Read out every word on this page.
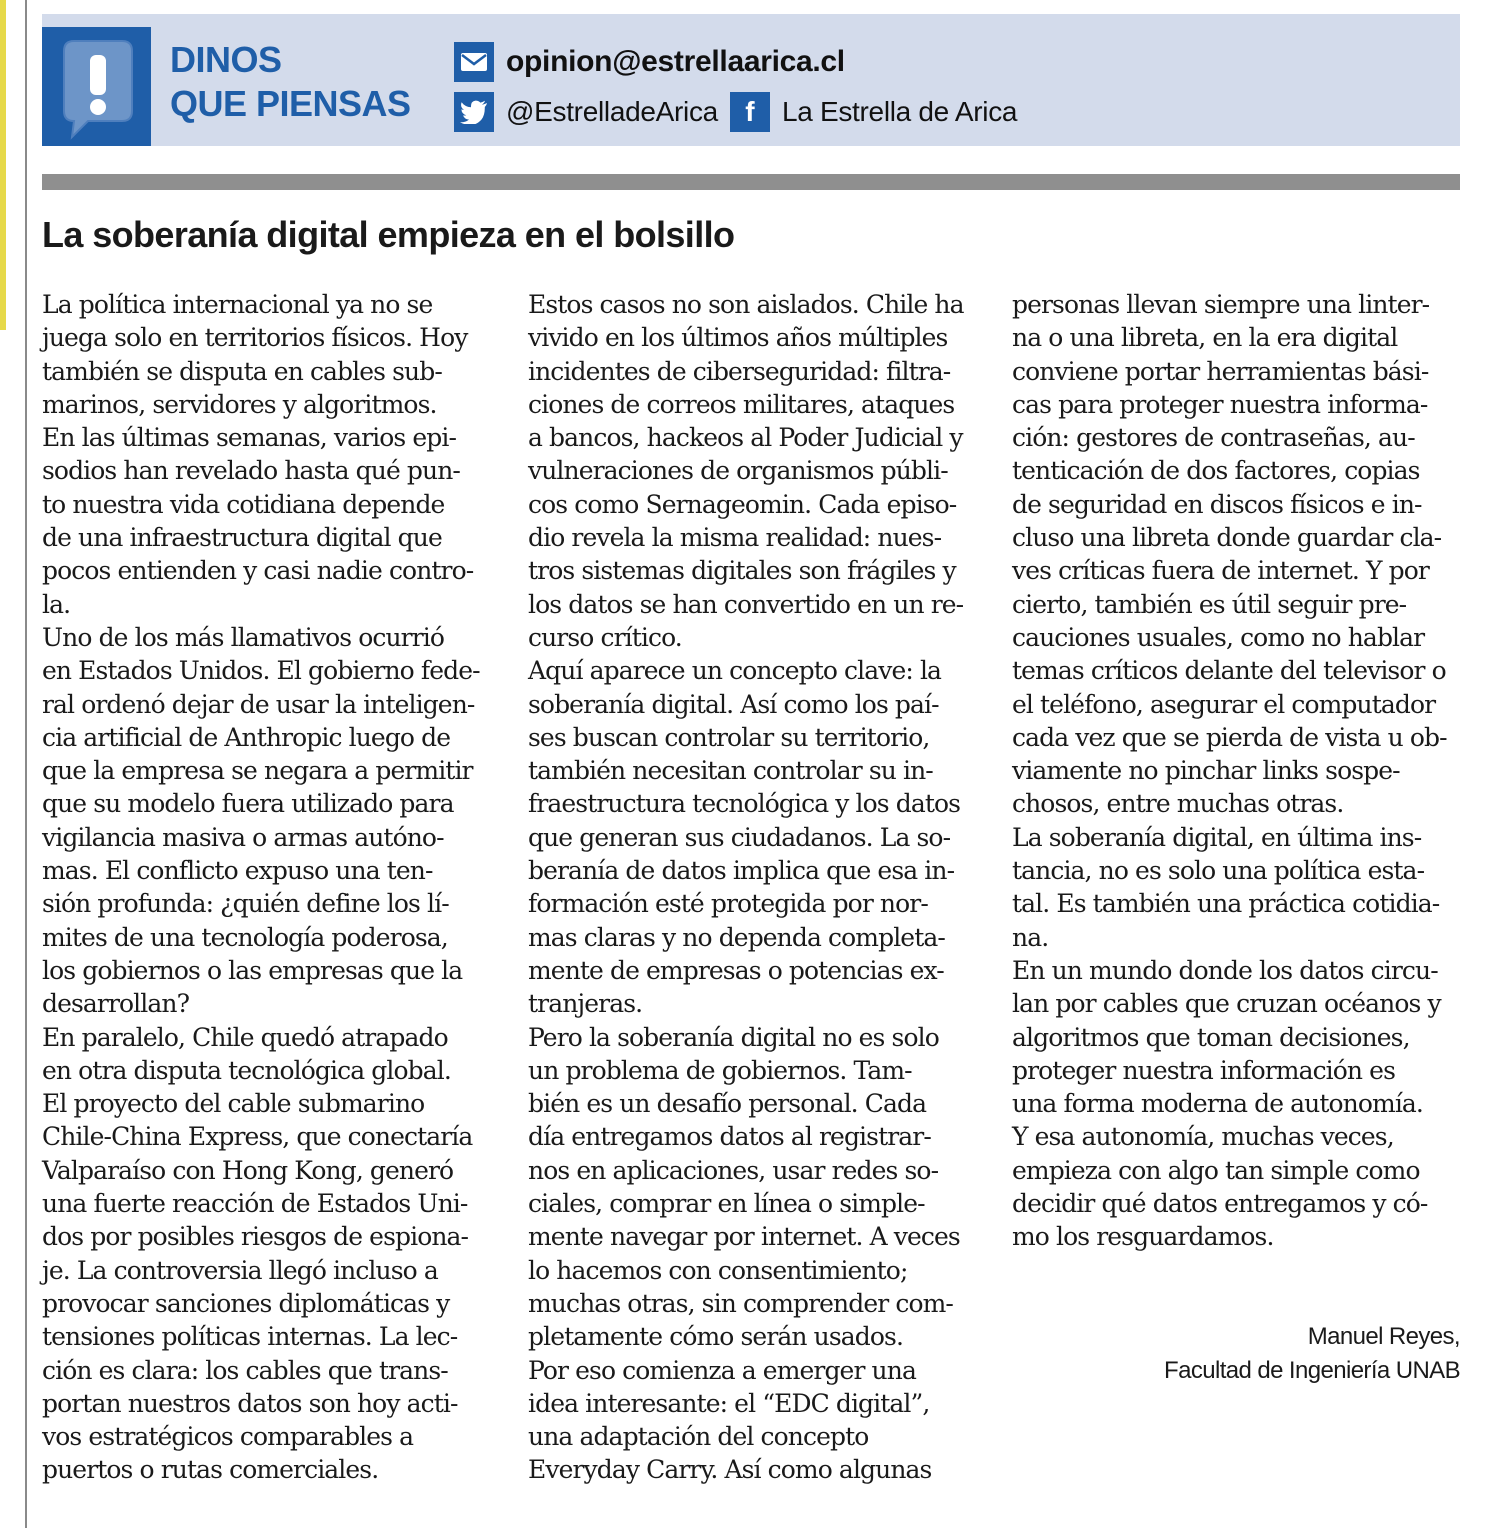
DINOS
QUE PIENSAS
opinion@estrellaarica.cl
@EstrelladeArica f La Estrella de Arica
La soberanía digital empieza en el bolsillo
La política internacional ya no se
juega solo en territorios físicos. Hoy
también se disputa en cables sub-
marinos, servidores y algoritmos.
En las últimas semanas, varios epi-
sodios han revelado hasta qué pun-
to nuestra vida cotidiana depende
de una infraestructura digital que
pocos entienden y casi nadie contro-
la.
Uno de los más llamativos ocurrió
en Estados Unidos. El gobierno fede-
ral ordenó dejar de usar la inteligen-
cia artificial de Anthropic luego de
que la empresa se negara a permitir
que su modelo fuera utilizado para
vigilancia masiva o armas autóno-
mas. El conflicto expuso una ten-
sión profunda: ¿quién define los lí-
mites de una tecnología poderosa,
los gobiernos o las empresas que la
desarrollan?
En paralelo, Chile quedó atrapado
en otra disputa tecnológica global.
El proyecto del cable submarino
Chile-China Express, que conectaría
Valparaíso con Hong Kong, generó
una fuerte reacción de Estados Uni-
dos por posibles riesgos de espiona-
je. La controversia llegó incluso a
provocar sanciones diplomáticas y
tensiones políticas internas. La lec-
ción es clara: los cables que trans-
portan nuestros datos son hoy acti-
vos estratégicos comparables a
puertos o rutas comerciales.
Estos casos no son aislados. Chile ha
vivido en los últimos años múltiples
incidentes de ciberseguridad: filtra-
ciones de correos militares, ataques
a bancos, hackeos al Poder Judicial y
vulneraciones de organismos públi-
cos como Sernageomin. Cada episo-
dio revela la misma realidad: nues-
tros sistemas digitales son frágiles y
los datos se han convertido en un re-
curso crítico.
Aquí aparece un concepto clave: la
soberanía digital. Así como los paí-
ses buscan controlar su territorio,
también necesitan controlar su in-
fraestructura tecnológica y los datos
que generan sus ciudadanos. La so-
beranía de datos implica que esa in-
formación esté protegida por nor-
mas claras y no dependa completa-
mente de empresas o potencias ex-
tranjeras.
Pero la soberanía digital no es solo
un problema de gobiernos. Tam-
bién es un desafío personal. Cada
día entregamos datos al registrar-
nos en aplicaciones, usar redes so-
ciales, comprar en línea o simple-
mente navegar por internet. A veces
lo hacemos con consentimiento;
muchas otras, sin comprender com-
pletamente cómo serán usados.
Por eso comienza a emerger una
idea interesante: el “EDC digital”,
una adaptación del concepto
Everyday Carry. Así como algunas
personas llevan siempre una linter-
na o una libreta, en la era digital
conviene portar herramientas bási-
cas para proteger nuestra informa-
ción: gestores de contraseñas, au-
tenticación de dos factores, copias
de seguridad en discos físicos e in-
cluso una libreta donde guardar cla-
ves críticas fuera de internet. Y por
cierto, también es útil seguir pre-
cauciones usuales, como no hablar
temas críticos delante del televisor o
el teléfono, asegurar el computador
cada vez que se pierda de vista u ob-
viamente no pinchar links sospe-
chosos, entre muchas otras.
La soberanía digital, en última ins-
tancia, no es solo una política esta-
tal. Es también una práctica cotidia-
na.
En un mundo donde los datos circu-
lan por cables que cruzan océanos y
algoritmos que toman decisiones,
proteger nuestra información es
una forma moderna de autonomía.
Y esa autonomía, muchas veces,
empieza con algo tan simple como
decidir qué datos entregamos y có-
mo los resguardamos.
Manuel Reyes,
Facultad de Ingeniería UNAB
